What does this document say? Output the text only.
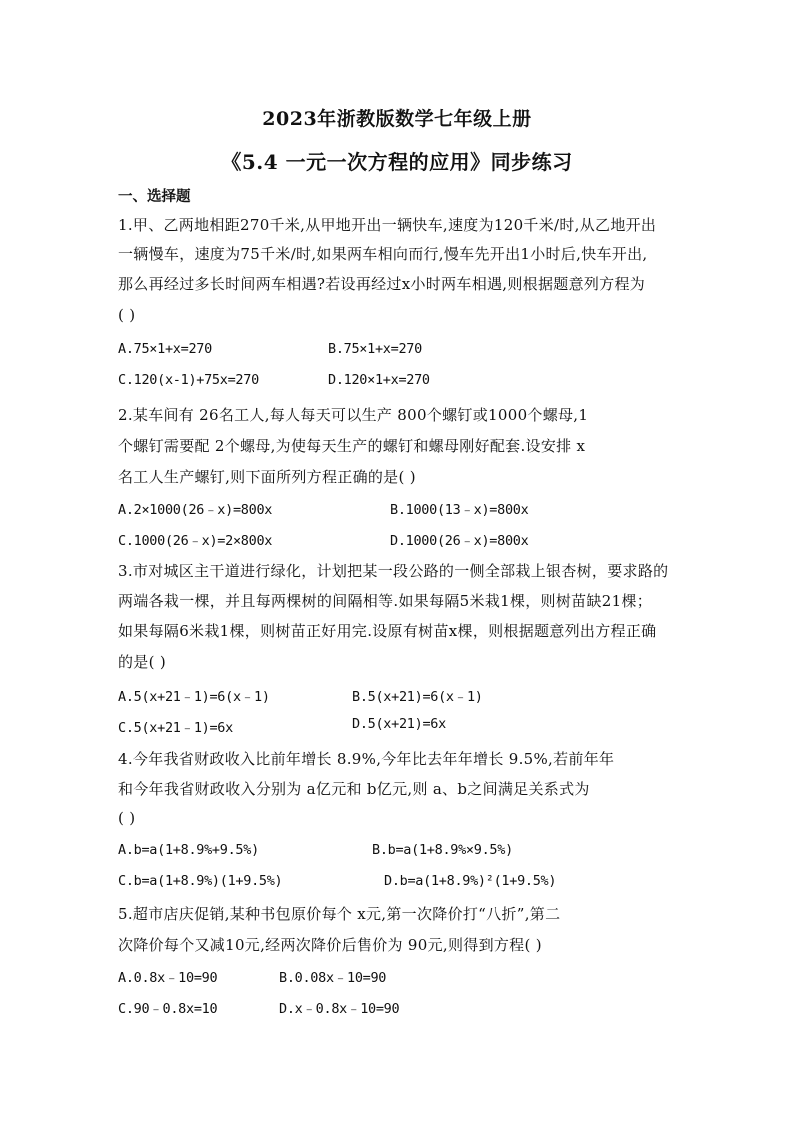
2023年浙教版数学七年级上册
《5.4 一元一次方程的应用》同步练习
一、选择题
1.甲、乙两地相距270千米,从甲地开出一辆快车,速度为120千米/时,从乙地开出
一辆慢车，速度为75千米/时,如果两车相向而行,慢车先开出1小时后,快车开出,
那么再经过多长时间两车相遇?若设再经过x小时两车相遇,则根据题意列方程为
( )
A.75×1+x=270	B.75×1+x=270
C.120(x-1)+75x=270	D.120×1+x=270
2.某车间有 26名工人,每人每天可以生产 800个螺钉或1000个螺母,1
个螺钉需要配 2个螺母,为使每天生产的螺钉和螺母刚好配套.设安排 x
名工人生产螺钉,则下面所列方程正确的是( )
A.2×1000(26﹣x)=800x	B.1000(13﹣x)=800x
C.1000(26﹣x)=2×800x	D.1000(26﹣x)=800x
3.市对城区主干道进行绿化，计划把某一段公路的一侧全部栽上银杏树，要求路的
两端各栽一棵，并且每两棵树的间隔相等.如果每隔5米栽1棵，则树苗缺21棵；
如果每隔6米栽1棵，则树苗正好用完.设原有树苗x棵，则根据题意列出方程正确
的是( )
A.5(x+21﹣1)=6(x﹣1)	B.5(x+21)=6(x﹣1)
C.5(x+21﹣1)=6x	D.5(x+21)=6x
4.今年我省财政收入比前年增长 8.9%,今年比去年年增长 9.5%,若前年年
和今年我省财政收入分别为 a亿元和 b亿元,则 a、b之间满足关系式为
( )
A.b=a(1+8.9%+9.5%)	B.b=a(1+8.9%×9.5%)
C.b=a(1+8.9%)(1+9.5%)	D.b=a(1+8.9%)²(1+9.5%)
5.超市店庆促销,某种书包原价每个 x元,第一次降价打“八折”,第二
次降价每个又减10元,经两次降价后售价为 90元,则得到方程( )
A.0.8x﹣10=90	B.0.08x﹣10=90
C.90﹣0.8x=10	D.x﹣0.8x﹣10=90
